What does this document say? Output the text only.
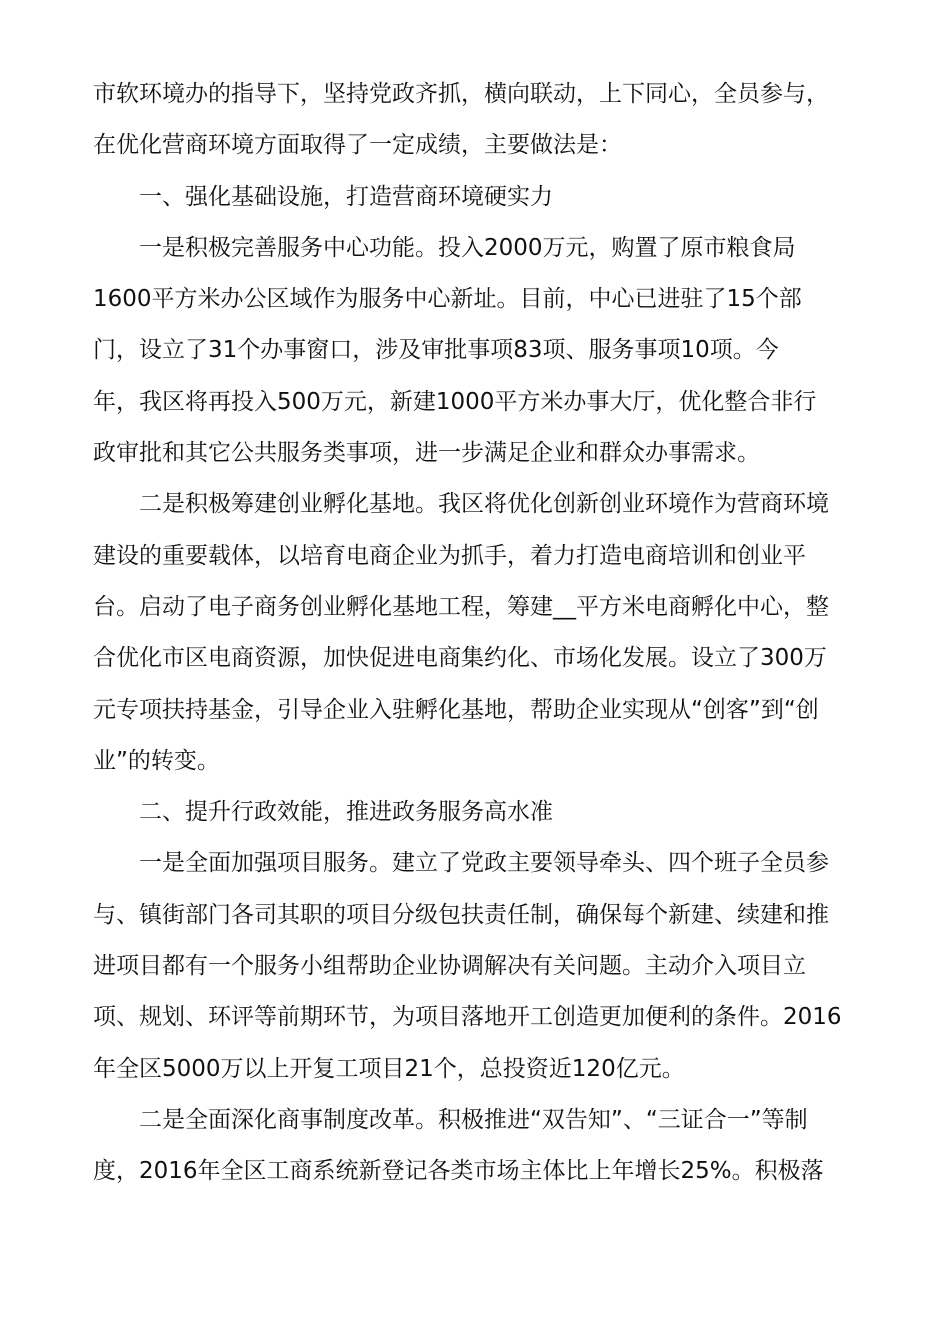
市软环境办的指导下，坚持党政齐抓，横向联动，上下同心，全员参与，
在优化营商环境方面取得了一定成绩，主要做法是：

一、强化基础设施，打造营商环境硬实力

一是积极完善服务中心功能。投入2000万元，购置了原市粮食局
1600平方米办公区域作为服务中心新址。目前，中心已进驻了15个部
门，设立了31个办事窗口，涉及审批事项83项、服务事项10项。今
年，我区将再投入500万元，新建1000平方米办事大厅，优化整合非行
政审批和其它公共服务类事项，进一步满足企业和群众办事需求。

二是积极筹建创业孵化基地。我区将优化创新创业环境作为营商环境
建设的重要载体，以培育电商企业为抓手，着力打造电商培训和创业平
台。启动了电子商务创业孵化基地工程，筹建__平方米电商孵化中心，整
合优化市区电商资源，加快促进电商集约化、市场化发展。设立了300万
元专项扶持基金，引导企业入驻孵化基地，帮助企业实现从“创客”到“创
业”的转变。

二、提升行政效能，推进政务服务高水准

一是全面加强项目服务。建立了党政主要领导牵头、四个班子全员参
与、镇街部门各司其职的项目分级包扶责任制，确保每个新建、续建和推
进项目都有一个服务小组帮助企业协调解决有关问题。主动介入项目立
项、规划、环评等前期环节，为项目落地开工创造更加便利的条件。2016
年全区5000万以上开复工项目21个，总投资近120亿元。

二是全面深化商事制度改革。积极推进“双告知”、“三证合一”等制
度，2016年全区工商系统新登记各类市场主体比上年增长25%。积极落
